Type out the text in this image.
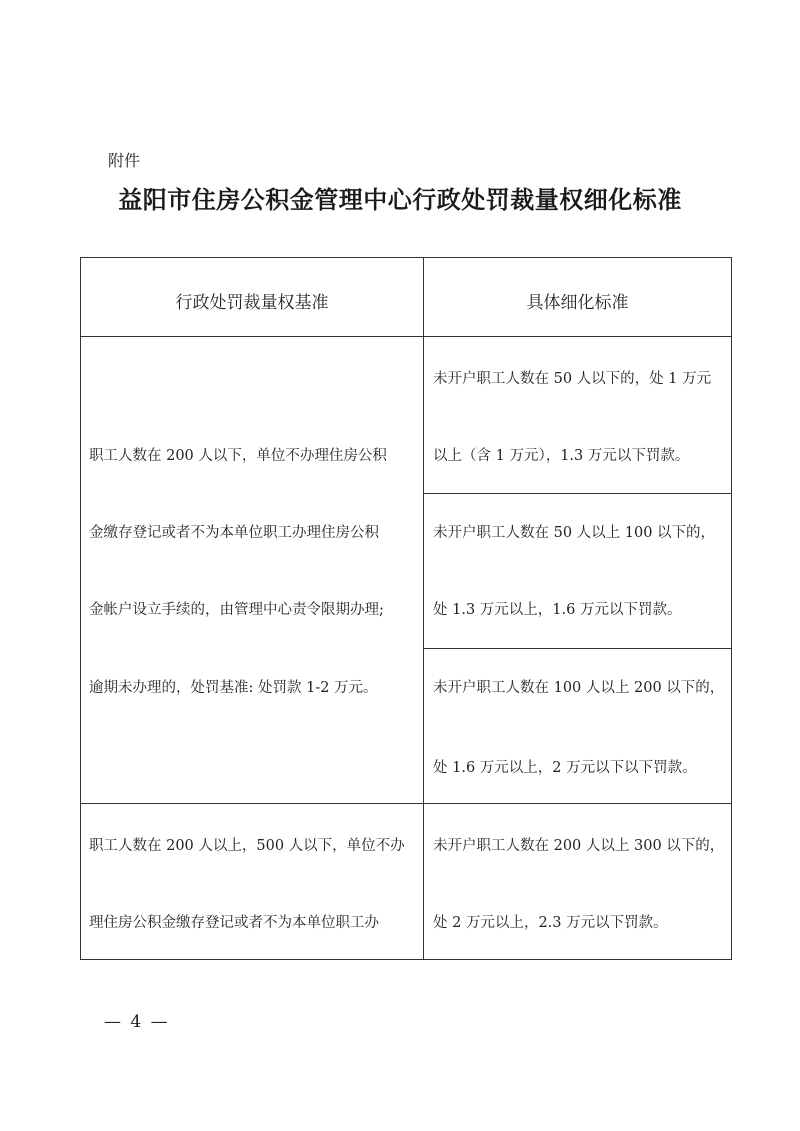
附件
益阳市住房公积金管理中心行政处罚裁量权细化标准
行政处罚裁量权基准	具体细化标准
职工人数在 200 人以下，单位不办理住房公积
金缴存登记或者不为本单位职工办理住房公积
金帐户设立手续的，由管理中心责令限期办理;
逾期未办理的，处罚基准: 处罚款 1-2 万元。
未开户职工人数在 50 人以下的，处 1 万元
以上（含 1 万元），1.3 万元以下罚款。
未开户职工人数在 50 人以上 100 以下的，
处 1.3 万元以上，1.6 万元以下罚款。
未开户职工人数在 100 人以上 200 以下的，
处 1.6 万元以上，2 万元以下以下罚款。
职工人数在 200 人以上，500 人以下，单位不办
理住房公积金缴存登记或者不为本单位职工办
未开户职工人数在 200 人以上 300 以下的，
处 2 万元以上，2.3 万元以下罚款。
— 4 —
